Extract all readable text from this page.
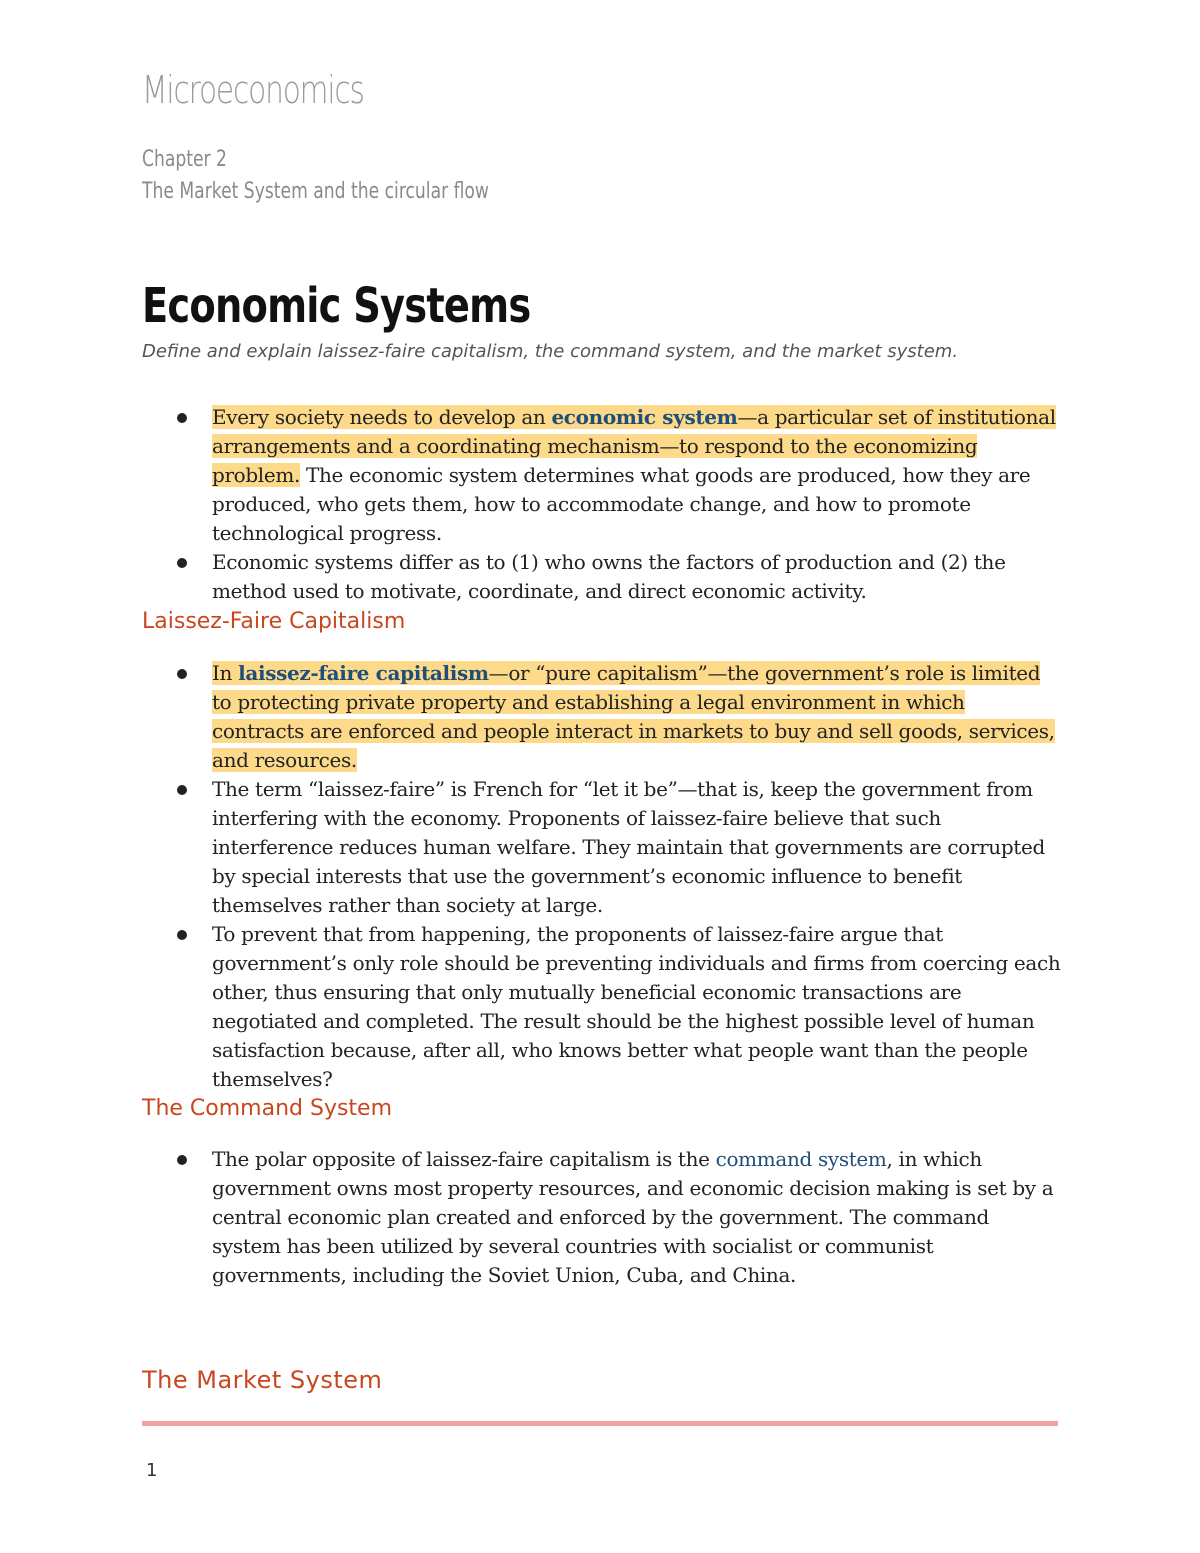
Microeconomics
Chapter 2
The Market System and the circular flow
Economic Systems
Define and explain laissez-faire capitalism, the command system, and the market system.
Every society needs to develop an economic system—a particular set of institutional arrangements and a coordinating mechanism—to respond to the economizing problem. The economic system determines what goods are produced, how they are produced, who gets them, how to accommodate change, and how to promote technological progress.
Economic systems differ as to (1) who owns the factors of production and (2) the method used to motivate, coordinate, and direct economic activity.
Laissez-Faire Capitalism
In laissez-faire capitalism—or “pure capitalism”—the government’s role is limited to protecting private property and establishing a legal environment in which contracts are enforced and people interact in markets to buy and sell goods, services, and resources.
The term “laissez-faire” is French for “let it be”—that is, keep the government from interfering with the economy. Proponents of laissez-faire believe that such interference reduces human welfare. They maintain that governments are corrupted by special interests that use the government’s economic influence to benefit themselves rather than society at large.
To prevent that from happening, the proponents of laissez-faire argue that government’s only role should be preventing individuals and firms from coercing each other, thus ensuring that only mutually beneficial economic transactions are negotiated and completed. The result should be the highest possible level of human satisfaction because, after all, who knows better what people want than the people themselves?
The Command System
The polar opposite of laissez-faire capitalism is the command system, in which government owns most property resources, and economic decision making is set by a central economic plan created and enforced by the government. The command system has been utilized by several countries with socialist or communist governments, including the Soviet Union, Cuba, and China.
The Market System
1
